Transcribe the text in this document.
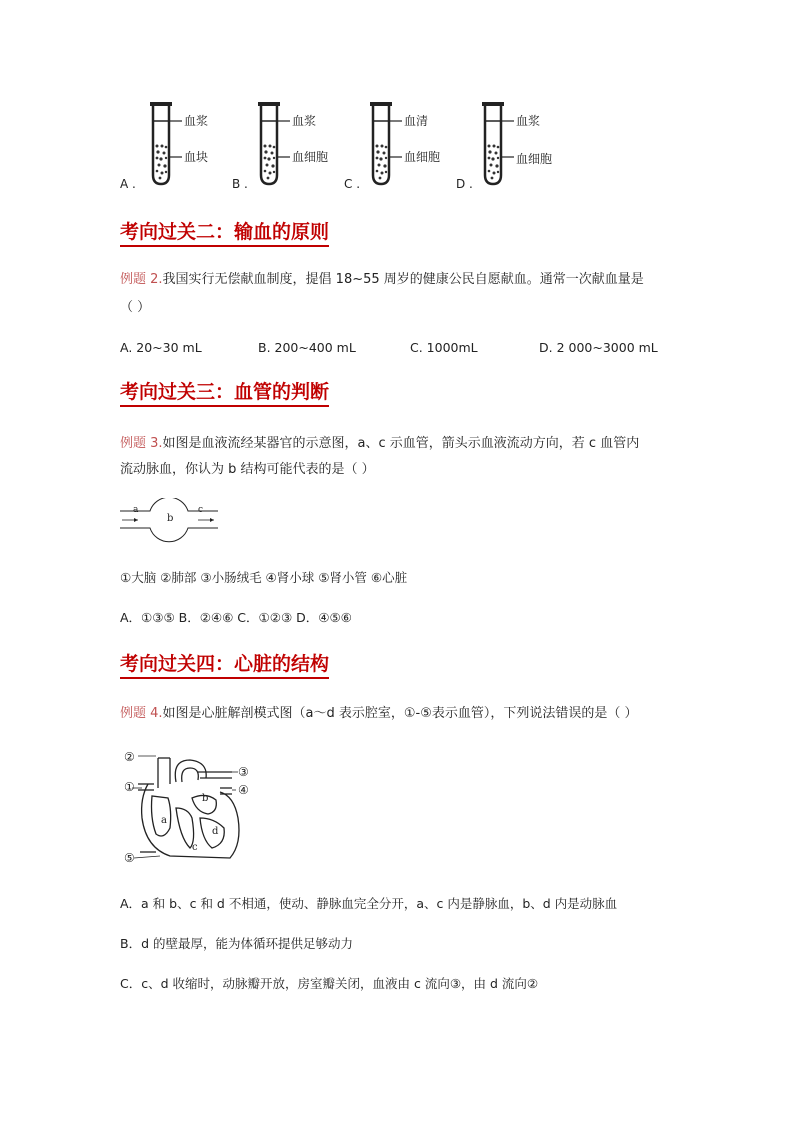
血浆
血块
A .
血浆
血细胞
B .
血清
血细胞
C .
血浆
血细胞
D .
考向过关二：输血的原则
例题 2.我国实行无偿献血制度，提倡 18~55 周岁的健康公民自愿献血。通常一次献血量是
（ ）
A. 20~30 mL	B. 200~400 mL	C. 1000mL	D. 2 000~3000 mL
考向过关三：血管的判断
例题 3.如图是血液流经某器官的示意图，a、c 示血管，箭头示血液流动方向，若 c 血管内
流动脉血，你认为 b 结构可能代表的是（ ）
a
b
c
①大脑 ②肺部 ③小肠绒毛 ④肾小球 ⑤肾小管 ⑥心脏
A．①③⑤ B．②④⑥ C．①②③ D．④⑤⑥
考向过关四：心脏的结构
例题 4.如图是心脏解剖模式图（a～d 表示腔室，①-⑤表示血管），下列说法错误的是（ ）
②
①
③
④
⑤
a
b
c
d
A．a 和 b、c 和 d 不相通，使动、静脉血完全分开，a、c 内是静脉血，b、d 内是动脉血
B．d 的壁最厚，能为体循环提供足够动力
C．c、d 收缩时，动脉瓣开放，房室瓣关闭，血液由 c 流向③，由 d 流向②
